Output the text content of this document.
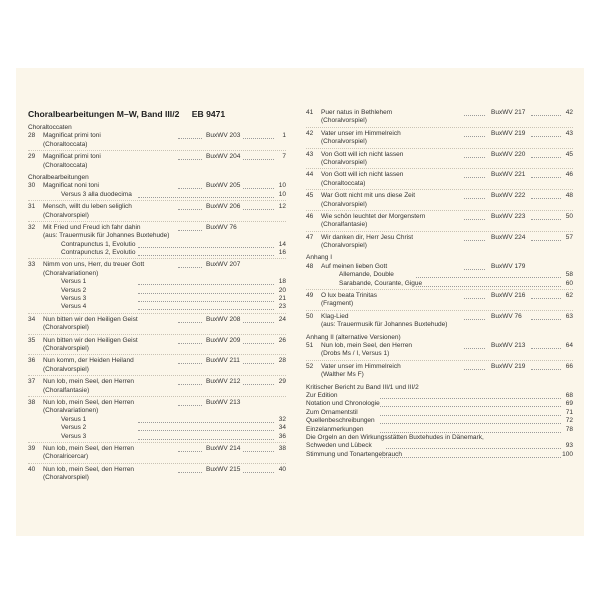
Choralbearbeitungen M–W, Band III/2 EB 9471
Choraltoccaten
28	Magnificat primi toni	BuxWV 203	1
(Choraltoccata)
29	Magnificat primi toni	BuxWV 204	7
(Choraltoccata)
Choralbearbeitungen
30	Magnificat noni toni	BuxWV 205	10
Versus 3 alla duodecima	10
31	Mensch, willt du leben seliglich	BuxWV 206	12
(Choralvorspiel)
32	Mit Fried und Freud ich fahr dahin	BuxWV 76
(aus: Trauermusik für Johannes Buxtehude)
Contrapunctus 1, Evolutio	14
Contrapunctus 2, Evolutio	16
33	Nimm von uns, Herr, du treuer Gott	BuxWV 207
(Choralvariationen)
Versus 1	18
Versus 2	20
Versus 3	21
Versus 4	23
34	Nun bitten wir den Heiligen Geist	BuxWV 208	24
(Choralvorspiel)
35	Nun bitten wir den Heiligen Geist	BuxWV 209	26
(Choralvorspiel)
36	Nun komm, der Heiden Heiland	BuxWV 211	28
(Choralvorspiel)
37	Nun lob, mein Seel, den Herren	BuxWV 212	29
(Choralfantasie)
38	Nun lob, mein Seel, den Herren	BuxWV 213
(Choralvariationen)
Versus 1	32
Versus 2	34
Versus 3	36
39	Nun lob, mein Seel, den Herren	BuxWV 214	38
(Choralricercar)
40	Nun lob, mein Seel, den Herren	BuxWV 215	40
(Choralvorspiel)
41	Puer natus in Bethlehem	BuxWV 217	42
(Choralvorspiel)
42	Vater unser im Himmelreich	BuxWV 219	43
(Choralvorspiel)
43	Von Gott will ich nicht lassen	BuxWV 220	45
(Choralvorspiel)
44	Von Gott will ich nicht lassen	BuxWV 221	46
(Choraltoccata)
45	War Gott nicht mit uns diese Zeit	BuxWV 222	48
(Choralvorspiel)
46	Wie schön leuchtet der Morgenstern	BuxWV 223	50
(Choralfantasie)
47	Wir danken dir, Herr Jesu Christ	BuxWV 224	57
(Choralvorspiel)
Anhang I
48	Auf meinen lieben Gott	BuxWV 179
Allemande, Double	58
Sarabande, Courante, Gigue	60
49	O lux beata Trinitas	BuxWV 216	62
(Fragment)
50	Klag-Lied	BuxWV 76	63
(aus: Trauermusik für Johannes Buxtehude)
Anhang II (alternative Versionen)
51	Nun lob, mein Seel, den Herren	BuxWV 213	64
(Drobs Ms / I, Versus 1)
52	Vater unser im Himmelreich	BuxWV 219	66
(Walther Ms F)
Kritischer Bericht zu Band III/1 und III/2
Zur Edition	68
Notation und Chronologie	69
Zum Ornamentstil	71
Quellenbeschreibungen	72
Einzelanmerkungen	78
Die Orgeln an den Wirkungsstätten Buxtehudes in Dänemark,
Schweden und Lübeck	93
Stimmung und Tonartengebrauch	100
